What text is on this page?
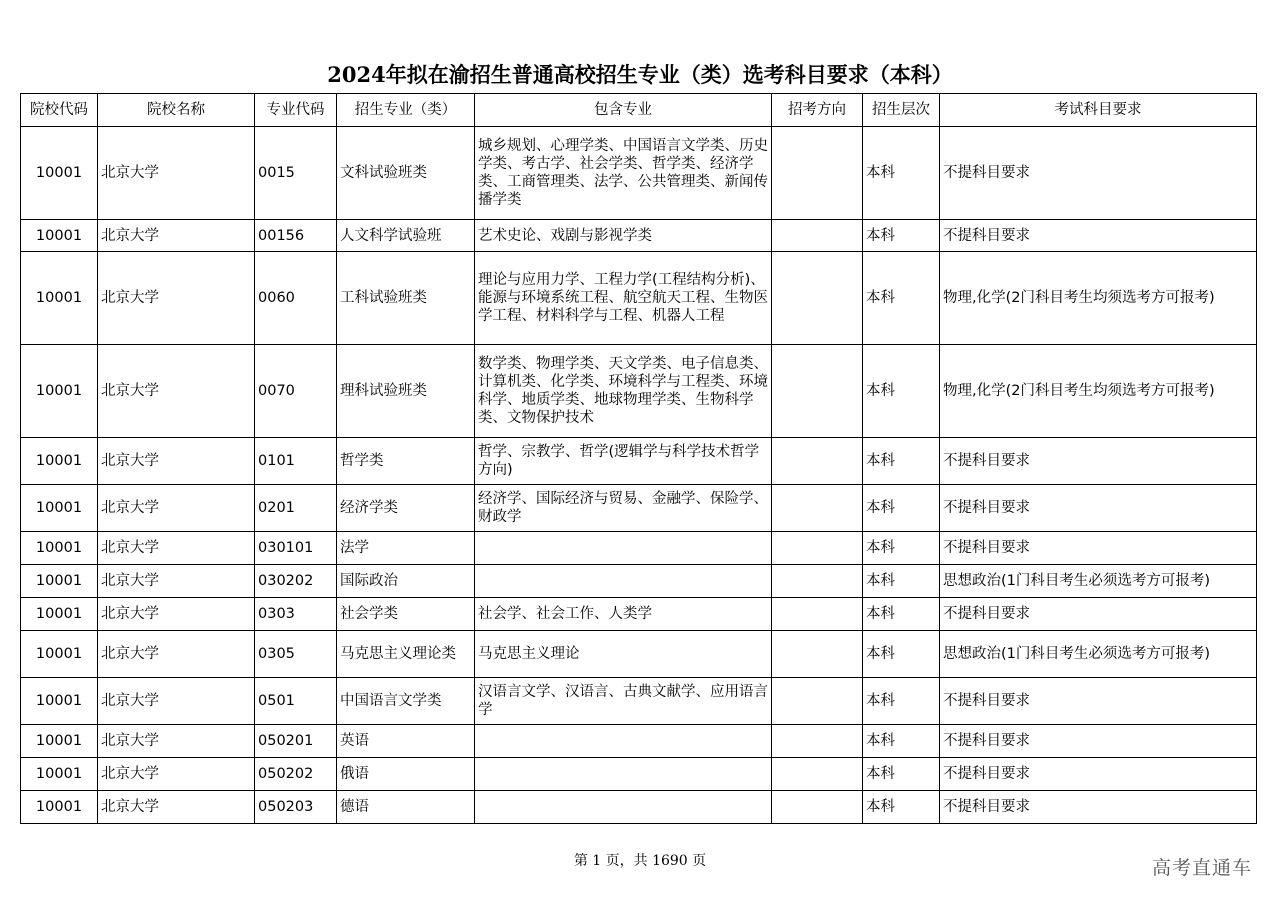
2024年拟在渝招生普通高校招生专业（类）选考科目要求（本科）
院校代码	院校名称	专业代码	招生专业（类）	包含专业	招考方向	招生层次	考试科目要求
10001	北京大学	0015	文科试验班类	城乡规划、心理学类、中国语言文学类、历史学类、考古学、社会学类、哲学类、经济学类、工商管理类、法学、公共管理类、新闻传播学类		本科	不提科目要求
10001	北京大学	00156	人文科学试验班	艺术史论、戏剧与影视学类		本科	不提科目要求
10001	北京大学	0060	工科试验班类	理论与应用力学、工程力学(工程结构分析)、能源与环境系统工程、航空航天工程、生物医学工程、材料科学与工程、机器人工程		本科	物理,化学(2门科目考生均须选考方可报考)
10001	北京大学	0070	理科试验班类	数学类、物理学类、天文学类、电子信息类、计算机类、化学类、环境科学与工程类、环境科学、地质学类、地球物理学类、生物科学类、文物保护技术		本科	物理,化学(2门科目考生均须选考方可报考)
10001	北京大学	0101	哲学类	哲学、宗教学、哲学(逻辑学与科学技术哲学方向)		本科	不提科目要求
10001	北京大学	0201	经济学类	经济学、国际经济与贸易、金融学、保险学、财政学		本科	不提科目要求
10001	北京大学	030101	法学			本科	不提科目要求
10001	北京大学	030202	国际政治			本科	思想政治(1门科目考生必须选考方可报考)
10001	北京大学	0303	社会学类	社会学、社会工作、人类学		本科	不提科目要求
10001	北京大学	0305	马克思主义理论类	马克思主义理论		本科	思想政治(1门科目考生必须选考方可报考)
10001	北京大学	0501	中国语言文学类	汉语言文学、汉语言、古典文献学、应用语言学		本科	不提科目要求
10001	北京大学	050201	英语			本科	不提科目要求
10001	北京大学	050202	俄语			本科	不提科目要求
10001	北京大学	050203	德语			本科	不提科目要求
第 1 页，共 1690 页	高考直通车
